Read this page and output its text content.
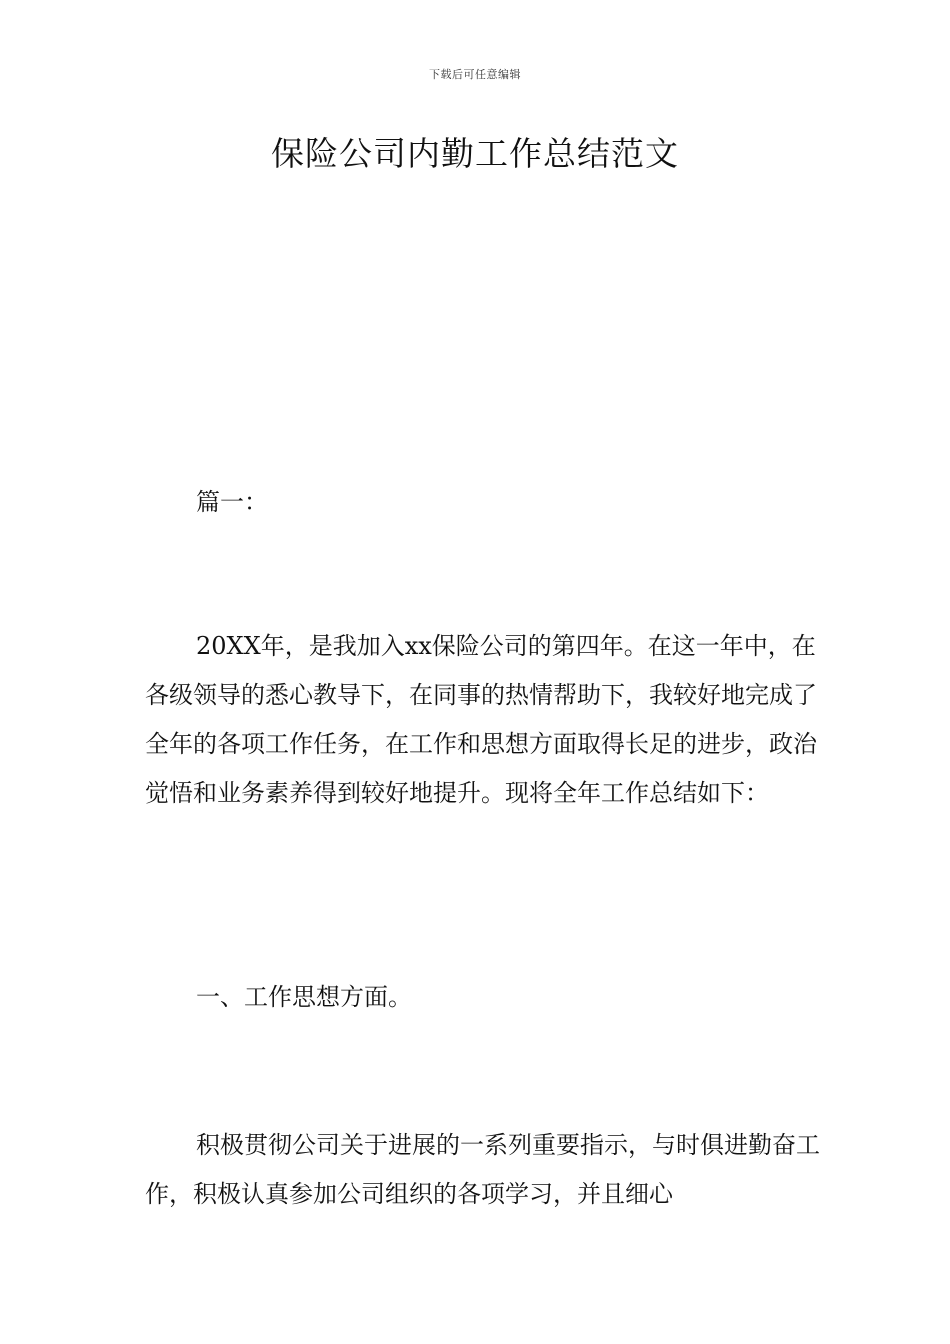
下载后可任意编辑
保险公司内勤工作总结范文

篇一：

20XX年，是我加入xx保险公司的第四年。在这一年中，在各级领导的悉心教导下，在同事的热情帮助下，我较好地完成了全年的各项工作任务，在工作和思想方面取得长足的进步，政治觉悟和业务素养得到较好地提升。现将全年工作总结如下：

一、工作思想方面。

积极贯彻公司关于进展的一系列重要指示，与时俱进勤奋工作，积极认真参加公司组织的各项学习，并且细心
